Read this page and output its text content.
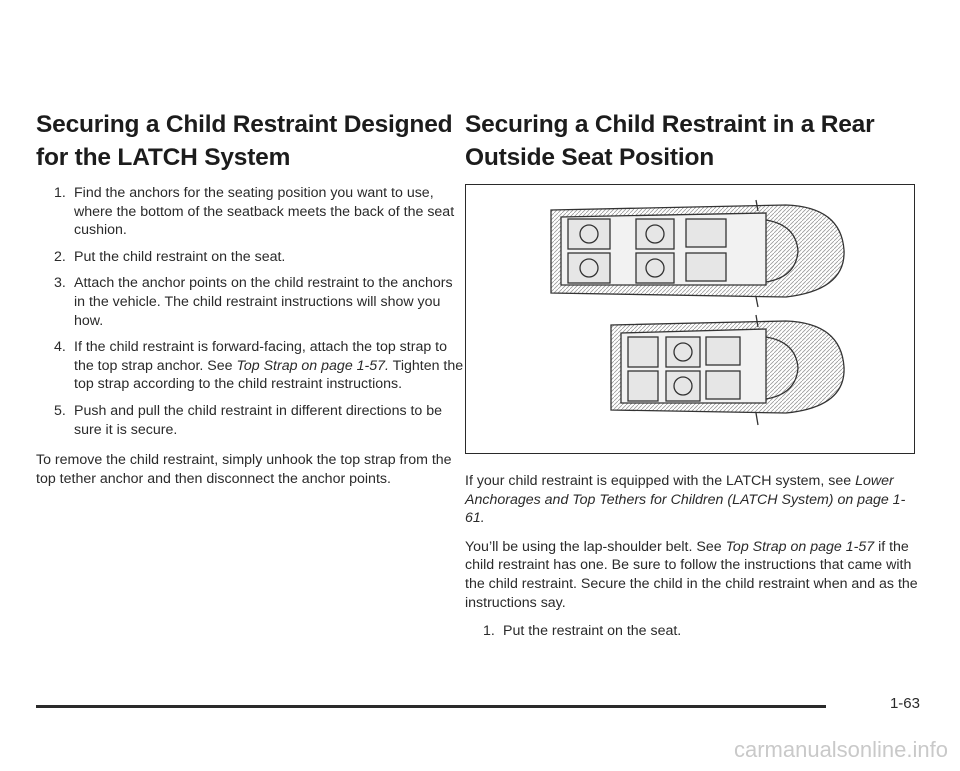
Securing a Child Restraint Designed for the LATCH System
1. Find the anchors for the seating position you want to use, where the bottom of the seatback meets the back of the seat cushion.
2. Put the child restraint on the seat.
3. Attach the anchor points on the child restraint to the anchors in the vehicle. The child restraint instructions will show you how.
4. If the child restraint is forward-facing, attach the top strap to the top strap anchor. See Top Strap on page 1-57. Tighten the top strap according to the child restraint instructions.
5. Push and pull the child restraint in different directions to be sure it is secure.

To remove the child restraint, simply unhook the top strap from the top tether anchor and then disconnect the anchor points.

Securing a Child Restraint in a Rear Outside Seat Position

If your child restraint is equipped with the LATCH system, see Lower Anchorages and Top Tethers for Children (LATCH System) on page 1-61.

You’ll be using the lap-shoulder belt. See Top Strap on page 1-57 if the child restraint has one. Be sure to follow the instructions that came with the child restraint. Secure the child in the child restraint when and as the instructions say.

1. Put the restraint on the seat.
1-63
carmanualsonline.info
